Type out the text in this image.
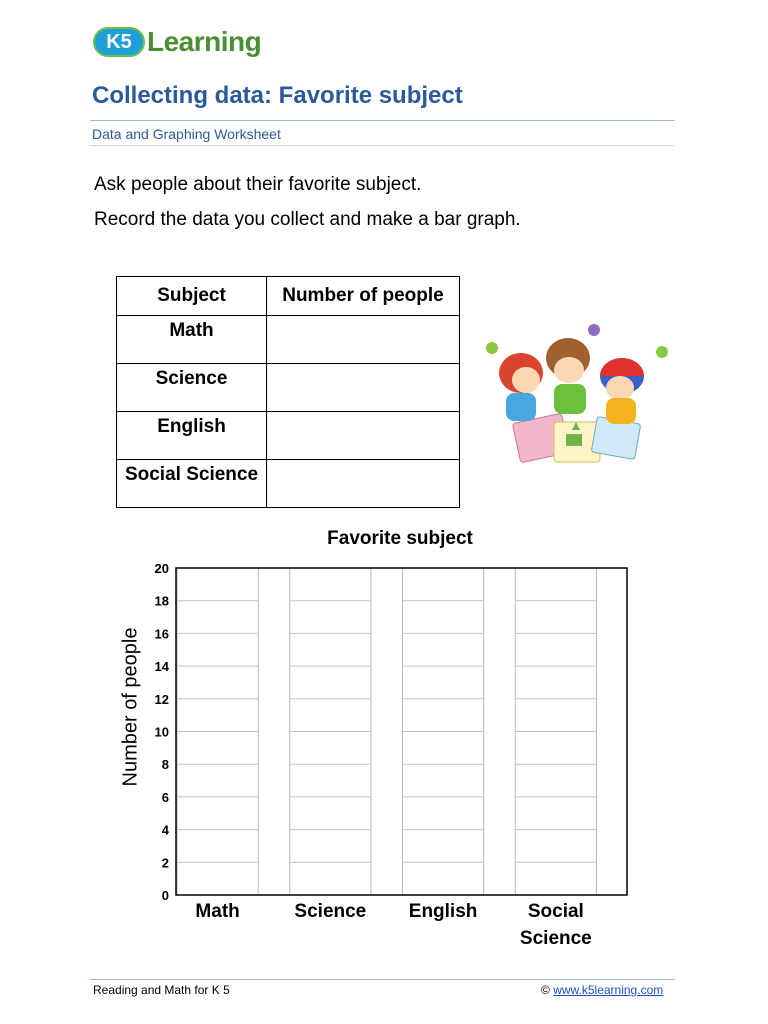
K5 Learning
Collecting data: Favorite subject
Data and Graphing Worksheet
Ask people about their favorite subject.
Record the data you collect and make a bar graph.
Subject	Number of people
Math	
Science	
English	
Social Science	
Favorite subject
Number of people
Math	Science English	Social
Science
0
2
4
6
8
10
12
14
16
18
20
Reading and Math for K 5	© www.k5learning.com
